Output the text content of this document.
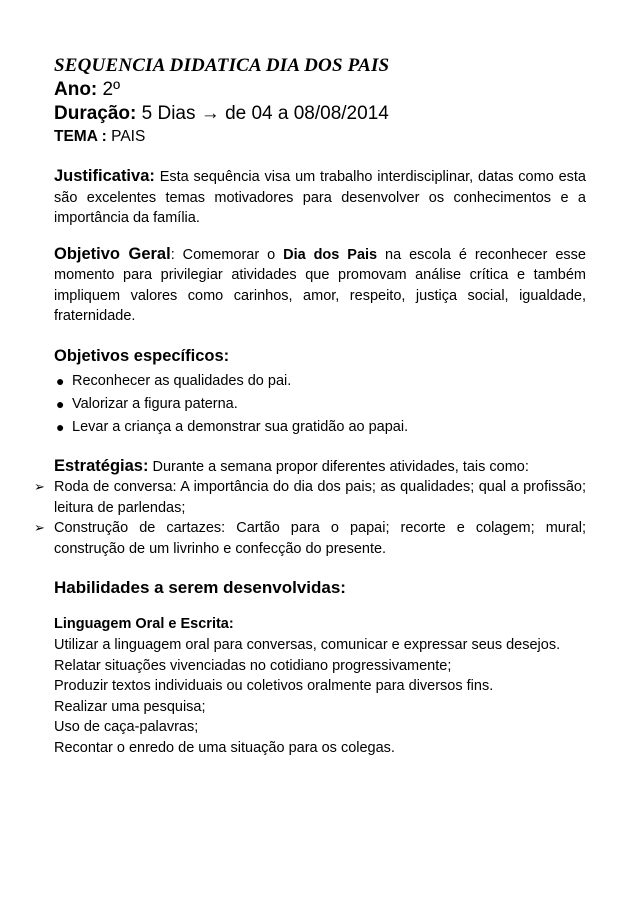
SEQUENCIA DIDATICA DIA DOS PAIS

Ano: 2º

Duração: 5 Dias → de 04 a 08/08/2014

TEMA : PAIS

Justificativa: Esta sequência visa um trabalho interdisciplinar, datas como esta são excelentes temas motivadores para desenvolver os conhecimentos e a importância da família.

Objetivo Geral: Comemorar o Dia dos Pais na escola é reconhecer esse momento para privilegiar atividades que promovam análise crítica e também impliquem valores como carinhos, amor, respeito, justiça social, igualdade, fraternidade.

Objetivos específicos:

● Reconhecer as qualidades do pai.
● Valorizar a figura paterna.
● Levar a criança a demonstrar sua gratidão ao papai.

Estratégias: Durante a semana propor diferentes atividades, tais como:

➢ Roda de conversa: A importância do dia dos pais; as qualidades; qual a profissão; leitura de parlendas;
➢ Construção de cartazes: Cartão para o papai; recorte e colagem; mural; construção de um livrinho e confecção do presente.

Habilidades a serem desenvolvidas:

Linguagem Oral e Escrita:

Utilizar a linguagem oral para conversas, comunicar e expressar seus desejos.

Relatar situações vivenciadas no cotidiano progressivamente;

Produzir textos individuais ou coletivos oralmente para diversos fins.

Realizar uma pesquisa;

Uso de caça-palavras;

Recontar o enredo de uma situação para os colegas.
